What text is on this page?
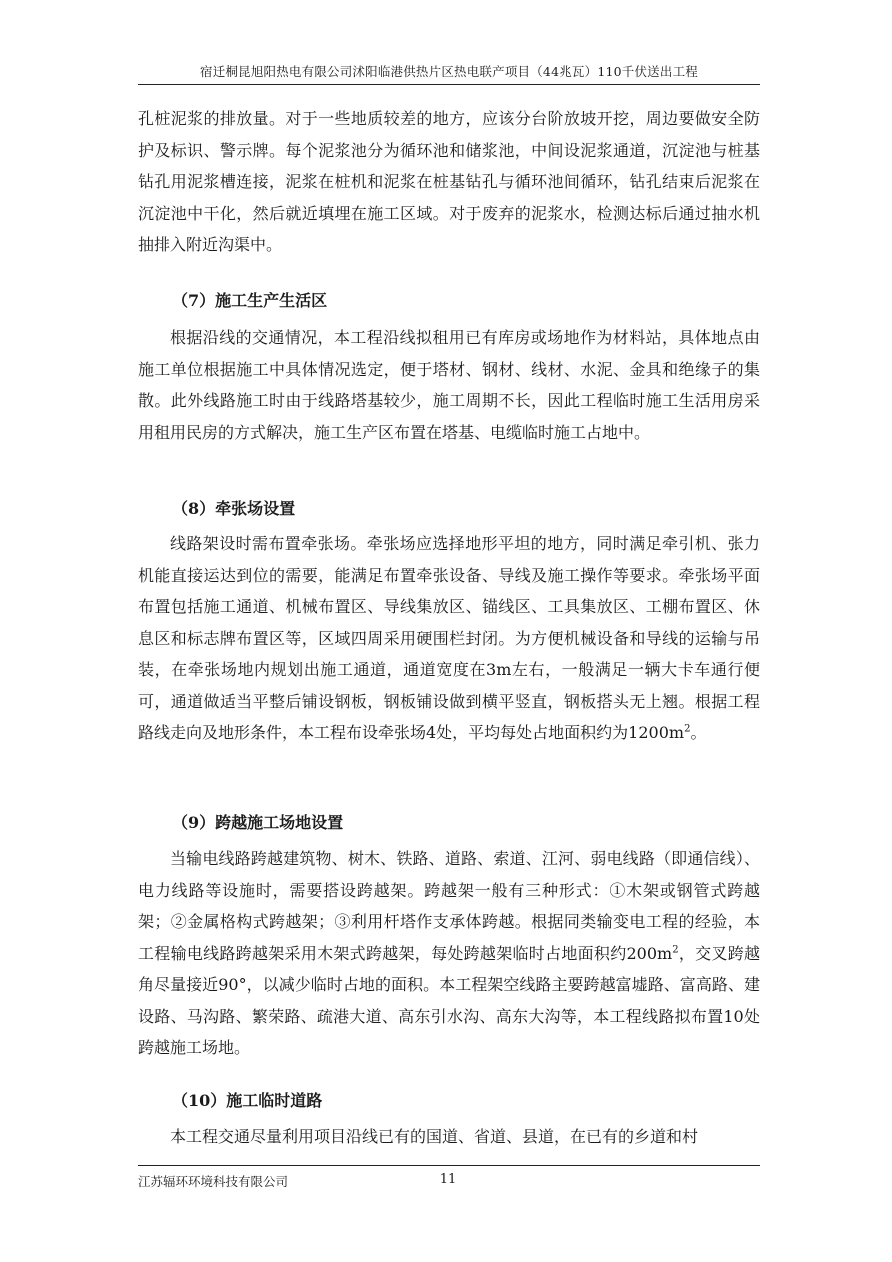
宿迁桐昆旭阳热电有限公司沭阳临港供热片区热电联产项目（44兆瓦）110千伏送出工程

孔桩泥浆的排放量。对于一些地质较差的地方，应该分台阶放坡开挖，周边要做安全防护及标识、警示牌。每个泥浆池分为循环池和储浆池，中间设泥浆通道，沉淀池与桩基钻孔用泥浆槽连接，泥浆在桩机和泥浆在桩基钻孔与循环池间循环，钻孔结束后泥浆在沉淀池中干化，然后就近填埋在施工区域。对于废弃的泥浆水，检测达标后通过抽水机抽排入附近沟渠中。

（7）施工生产生活区

根据沿线的交通情况，本工程沿线拟租用已有库房或场地作为材料站，具体地点由施工单位根据施工中具体情况选定，便于塔材、钢材、线材、水泥、金具和绝缘子的集散。此外线路施工时由于线路塔基较少，施工周期不长，因此工程临时施工生活用房采用租用民房的方式解决，施工生产区布置在塔基、电缆临时施工占地中。

（8）牵张场设置

线路架设时需布置牵张场。牵张场应选择地形平坦的地方，同时满足牵引机、张力机能直接运达到位的需要，能满足布置牵张设备、导线及施工操作等要求。牵张场平面布置包括施工通道、机械布置区、导线集放区、锚线区、工具集放区、工棚布置区、休息区和标志牌布置区等，区域四周采用硬围栏封闭。为方便机械设备和导线的运输与吊装，在牵张场地内规划出施工通道，通道宽度在3m左右，一般满足一辆大卡车通行便可，通道做适当平整后铺设钢板，钢板铺设做到横平竖直，钢板搭头无上翘。根据工程路线走向及地形条件，本工程布设牵张场4处，平均每处占地面积约为$1200m^2$。

（9）跨越施工场地设置

当输电线路跨越建筑物、树木、铁路、道路、索道、江河、弱电线路（即通信线）、电力线路等设施时，需要搭设跨越架。跨越架一般有三种形式：①木架或钢管式跨越架；②金属格构式跨越架；③利用杆塔作支承体跨越。根据同类输变电工程的经验，本工程输电线路跨越架采用木架式跨越架，每处跨越架临时占地面积约$200m^2$，交叉跨越角尽量接近90°，以减少临时占地的面积。本工程架空线路主要跨越富墟路、富高路、建设路、马沟路、繁荣路、疏港大道、高东引水沟、高东大沟等，本工程线路拟布置10处跨越施工场地。

（10）施工临时道路

本工程交通尽量利用项目沿线已有的国道、省道、县道，在已有的乡道和村

江苏辐环环境科技有限公司	11
